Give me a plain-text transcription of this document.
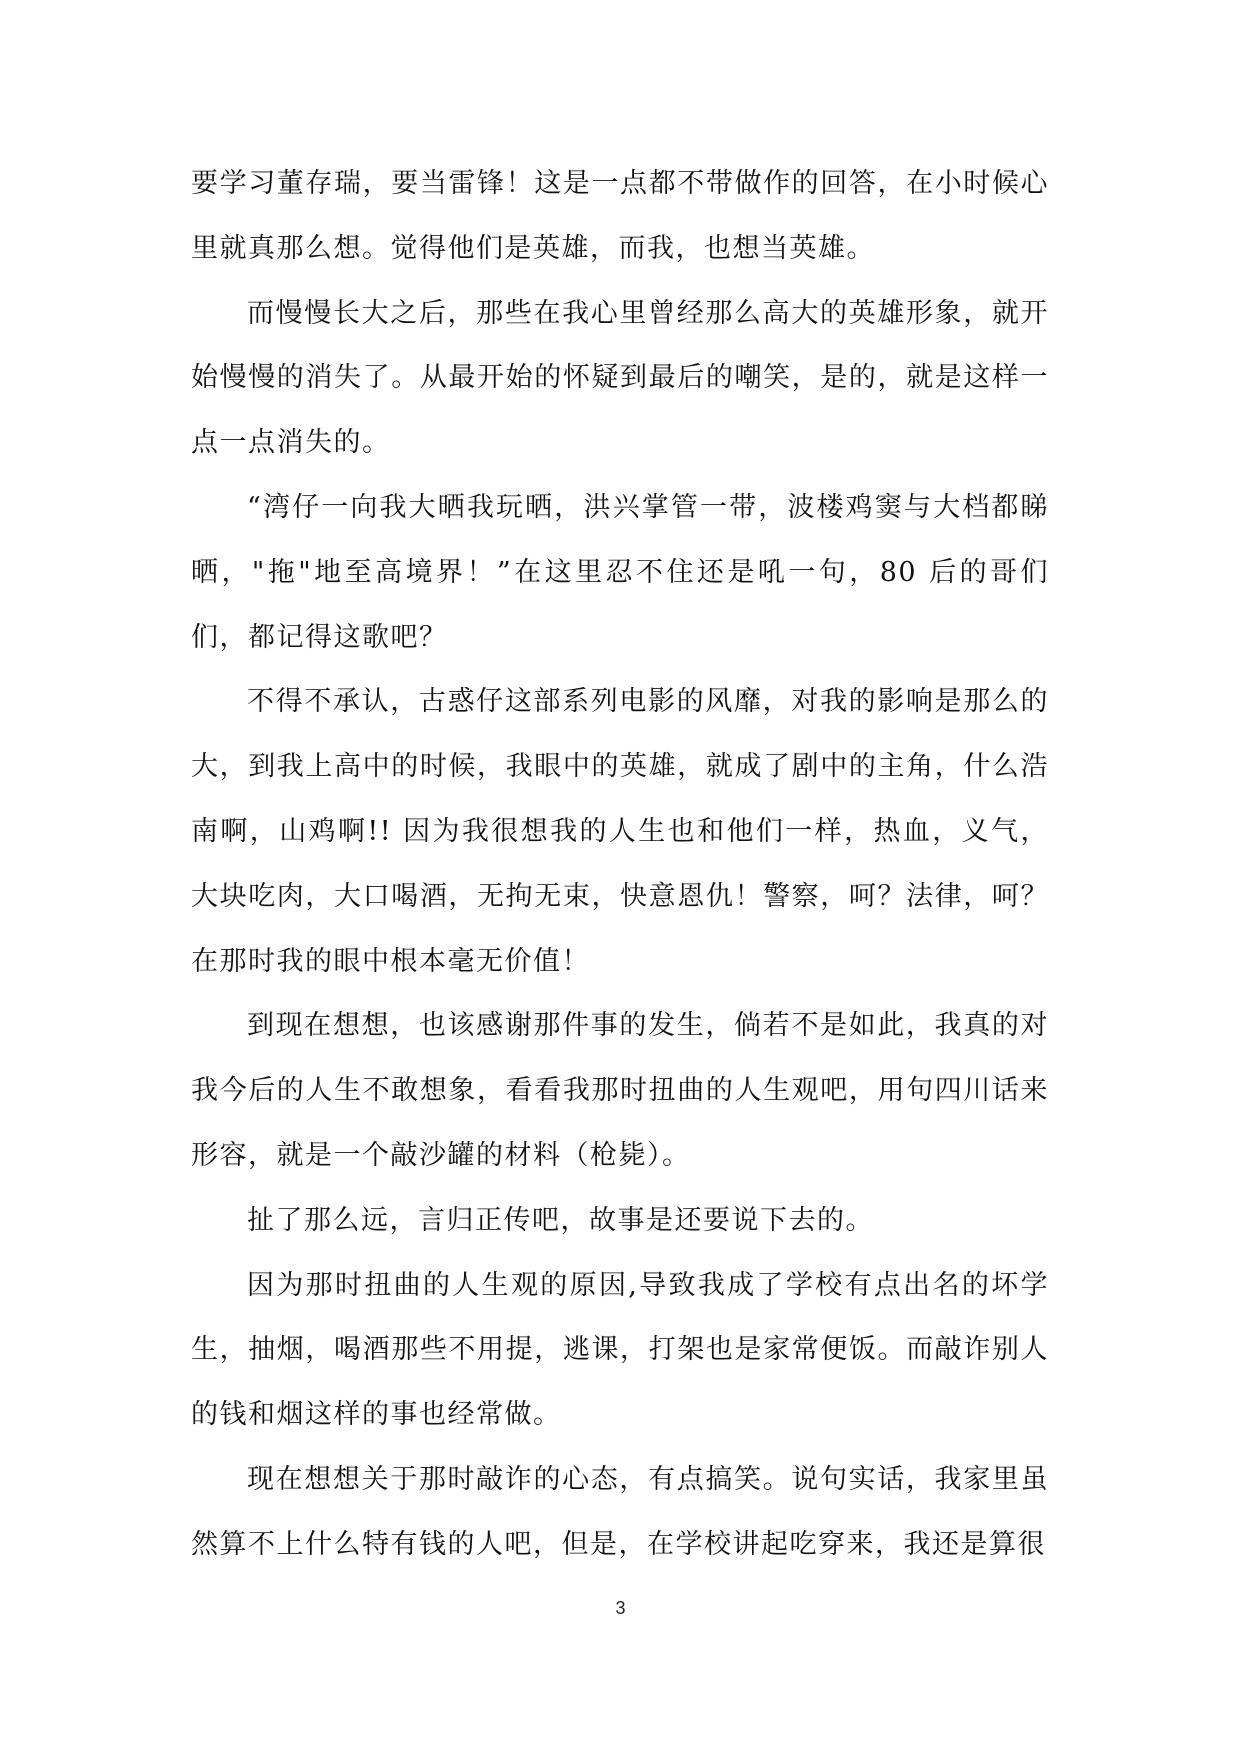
要学习董存瑞，要当雷锋！这是一点都不带做作的回答，在小时候心里就真那么想。觉得他们是英雄，而我，也想当英雄。

而慢慢长大之后，那些在我心里曾经那么高大的英雄形象，就开始慢慢的消失了。从最开始的怀疑到最后的嘲笑，是的，就是这样一点一点消失的。

“湾仔一向我大晒我玩晒，洪兴掌管一带，波楼鸡窦与大档都睇晒，"拖"地至高境界！”在这里忍不住还是吼一句，80 后的哥们们，都记得这歌吧？

不得不承认，古惑仔这部系列电影的风靡，对我的影响是那么的大，到我上高中的时候，我眼中的英雄，就成了剧中的主角，什么浩南啊，山鸡啊!! 因为我很想我的人生也和他们一样，热血，义气，大块吃肉，大口喝酒，无拘无束，快意恩仇！警察，呵？法律，呵？在那时我的眼中根本毫无价值！

到现在想想，也该感谢那件事的发生，倘若不是如此，我真的对我今后的人生不敢想象，看看我那时扭曲的人生观吧，用句四川话来形容，就是一个敲沙罐的材料（枪毙）。

扯了那么远，言归正传吧，故事是还要说下去的。

因为那时扭曲的人生观的原因,导致我成了学校有点出名的坏学生，抽烟，喝酒那些不用提，逃课，打架也是家常便饭。而敲诈别人的钱和烟这样的事也经常做。

现在想想关于那时敲诈的心态，有点搞笑。说句实话，我家里虽然算不上什么特有钱的人吧，但是，在学校讲起吃穿来，我还是算很

3
